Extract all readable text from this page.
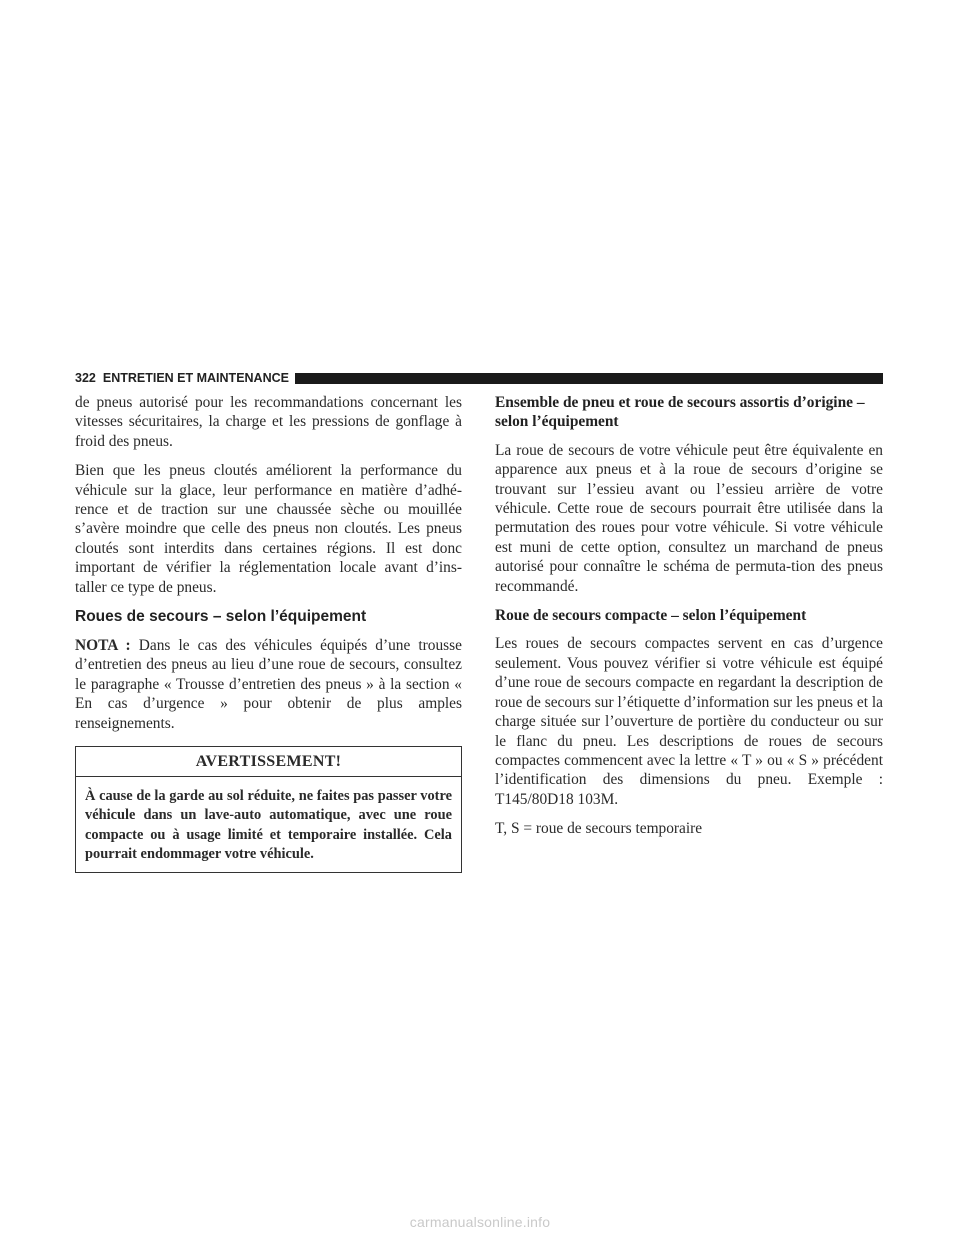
322 ENTRETIEN ET MAINTENANCE

de pneus autorisé pour les recommandations concernant les vitesses sécuritaires, la charge et les pressions de gonflage à froid des pneus.

Bien que les pneus cloutés améliorent la performance du véhicule sur la glace, leur performance en matière d’adhé-rence et de traction sur une chaussée sèche ou mouillée s’avère moindre que celle des pneus non cloutés. Les pneus cloutés sont interdits dans certaines régions. Il est donc important de vérifier la réglementation locale avant d’ins-taller ce type de pneus.

Roues de secours – selon l’équipement

NOTA : Dans le cas des véhicules équipés d’une trousse d’entretien des pneus au lieu d’une roue de secours, consultez le paragraphe « Trousse d’entretien des pneus » à la section « En cas d’urgence » pour obtenir de plus amples renseignements.

AVERTISSEMENT!
À cause de la garde au sol réduite, ne faites pas passer votre véhicule dans un lave-auto automatique, avec une roue compacte ou à usage limité et temporaire installée. Cela pourrait endommager votre véhicule.
Ensemble de pneu et roue de secours assortis d’origine – selon l’équipement

La roue de secours de votre véhicule peut être équivalente en apparence aux pneus et à la roue de secours d’origine se trouvant sur l’essieu avant ou l’essieu arrière de votre véhicule. Cette roue de secours pourrait être utilisée dans la permutation des roues pour votre véhicule. Si votre véhicule est muni de cette option, consultez un marchand de pneus autorisé pour connaître le schéma de permuta-tion des pneus recommandé.

Roue de secours compacte – selon l’équipement

Les roues de secours compactes servent en cas d’urgence seulement. Vous pouvez vérifier si votre véhicule est équipé d’une roue de secours compacte en regardant la description de roue de secours sur l’étiquette d’information sur les pneus et la charge située sur l’ouverture de portière du conducteur ou sur le flanc du pneu. Les descriptions de roues de secours compactes commencent avec la lettre « T » ou « S » précédent l’identification des dimensions du pneu. Exemple : T145/80D18 103M.

T, S = roue de secours temporaire

carmanualsonline.info
